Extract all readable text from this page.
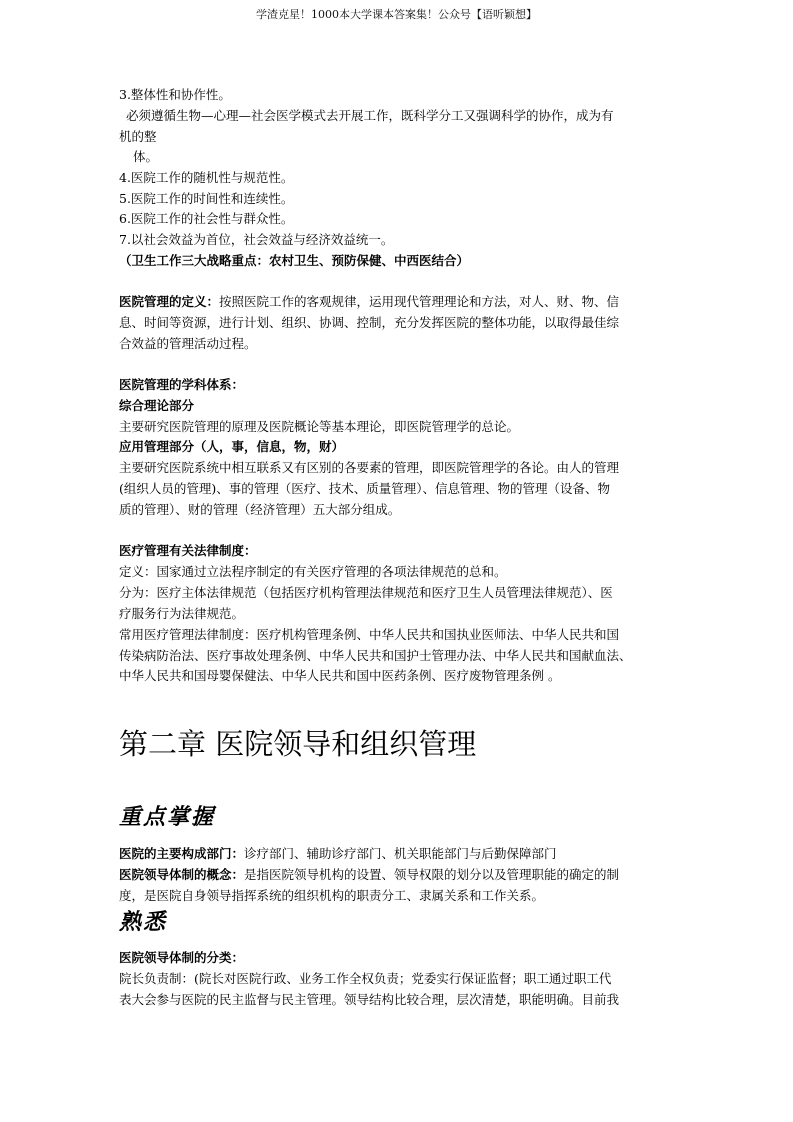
学渣克星！1000本大学课本答案集！公众号【语听颖想】
3.整体性和协作性。
必须遵循生物—心理—社会医学模式去开展工作，既科学分工又强调科学的协作，成为有
机的整
体。
4.医院工作的随机性与规范性。
5.医院工作的时间性和连续性。
6.医院工作的社会性与群众性。
7.以社会效益为首位，社会效益与经济效益统一。
（卫生工作三大战略重点：农村卫生、预防保健、中西医结合）
医院管理的定义：按照医院工作的客观规律，运用现代管理理论和方法，对人、财、物、信
息、时间等资源，进行计划、组织、协调、控制，充分发挥医院的整体功能，以取得最佳综
合效益的管理活动过程。
医院管理的学科体系：
综合理论部分
主要研究医院管理的原理及医院概论等基本理论，即医院管理学的总论。
应用管理部分（人，事，信息，物，财）
主要研究医院系统中相互联系又有区别的各要素的管理，即医院管理学的各论。由人的管理
(组织人员的管理)、事的管理（医疗、技术、质量管理）、信息管理、物的管理（设备、物
质的管理）、财的管理（经济管理）五大部分组成。
医疗管理有关法律制度：
定义：国家通过立法程序制定的有关医疗管理的各项法律规范的总和。
分为：医疗主体法律规范（包括医疗机构管理法律规范和医疗卫生人员管理法律规范）、医
疗服务行为法律规范。
常用医疗管理法律制度：医疗机构管理条例、中华人民共和国执业医师法、中华人民共和国
传染病防治法、医疗事故处理条例、中华人民共和国护士管理办法、中华人民共和国献血法、
中华人民共和国母婴保健法、中华人民共和国中医药条例、医疗废物管理条例 。
第二章 医院领导和组织管理
重点掌握
医院的主要构成部门：诊疗部门、辅助诊疗部门、机关职能部门与后勤保障部门
医院领导体制的概念：是指医院领导机构的设置、领导权限的划分以及管理职能的确定的制
度，是医院自身领导指挥系统的组织机构的职责分工、隶属关系和工作关系。
熟悉
医院领导体制的分类：
院长负责制：(院长对医院行政、业务工作全权负责；党委实行保证监督；职工通过职工代
表大会参与医院的民主监督与民主管理。领导结构比较合理，层次清楚，职能明确。目前我
